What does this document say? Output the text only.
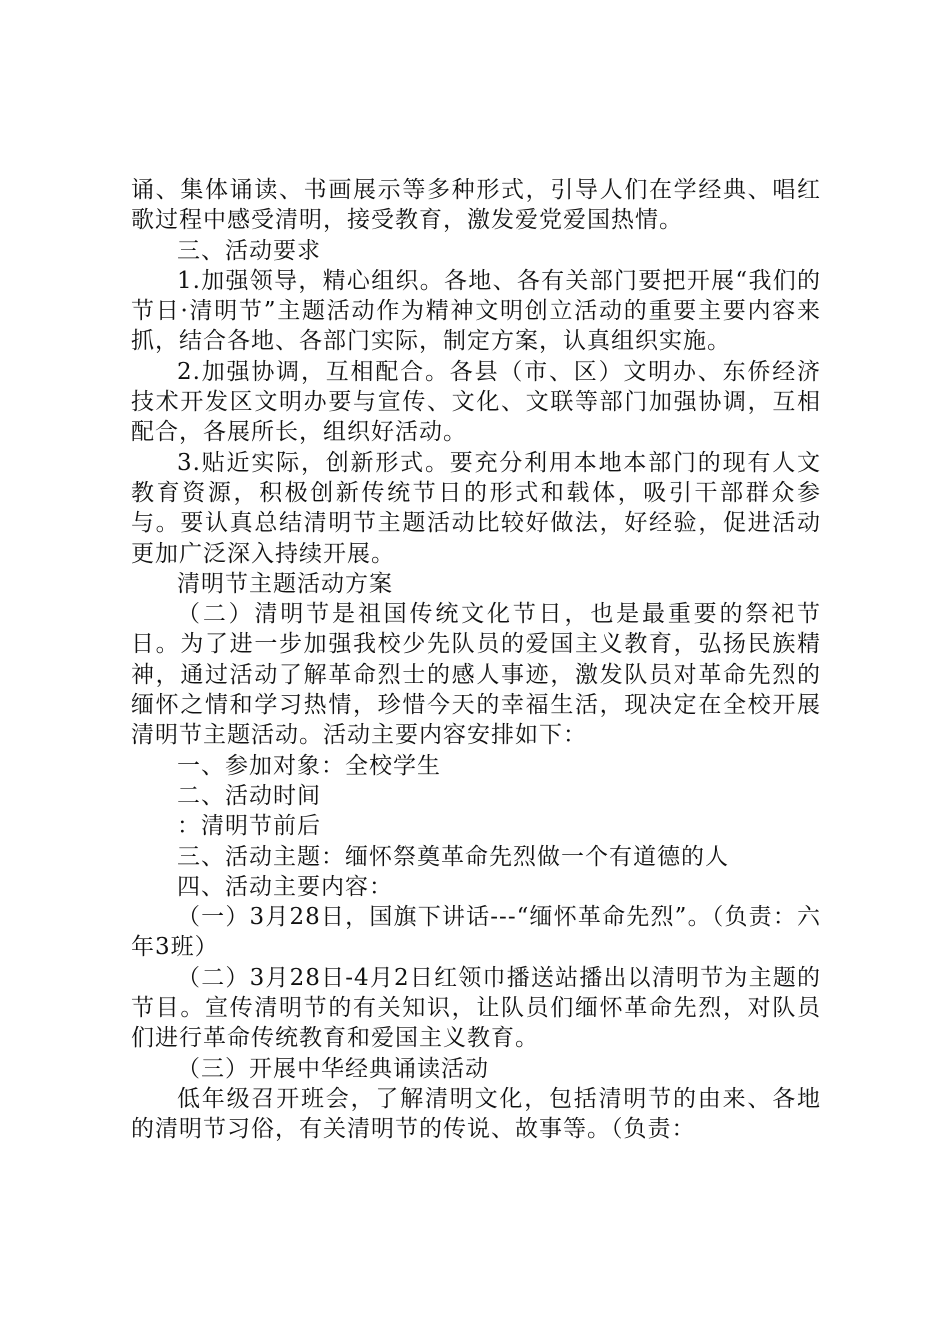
诵、集体诵读、书画展示等多种形式，引导人们在学经典、唱红歌过程中感受清明，接受教育，激发爱党爱国热情。

三、活动要求

1.加强领导，精心组织。各地、各有关部门要把开展“我们的节日·清明节”主题活动作为精神文明创立活动的重要主要内容来抓，结合各地、各部门实际，制定方案，认真组织实施。

2.加强协调，互相配合。各县（市、区）文明办、东侨经济技术开发区文明办要与宣传、文化、文联等部门加强协调，互相配合，各展所长，组织好活动。

3.贴近实际，创新形式。要充分利用本地本部门的现有人文教育资源，积极创新传统节日的形式和载体，吸引干部群众参与。要认真总结清明节主题活动比较好做法，好经验，促进活动更加广泛深入持续开展。

清明节主题活动方案

（二）清明节是祖国传统文化节日，也是最重要的祭祀节日。为了进一步加强我校少先队员的爱国主义教育，弘扬民族精神，通过活动了解革命烈士的感人事迹，激发队员对革命先烈的缅怀之情和学习热情，珍惜今天的幸福生活，现决定在全校开展清明节主题活动。活动主要内容安排如下：

一、参加对象：全校学生

二、活动时间

：清明节前后

三、活动主题：缅怀祭奠革命先烈做一个有道德的人

四、活动主要内容：

（一）3月28日，国旗下讲话---“缅怀革命先烈”。（负责：六年3班）

（二）3月28日-4月2日红领巾播送站播出以清明节为主题的节目。宣传清明节的有关知识，让队员们缅怀革命先烈，对队员们进行革命传统教育和爱国主义教育。

（三）开展中华经典诵读活动

低年级召开班会，了解清明文化，包括清明节的由来、各地的清明节习俗，有关清明节的传说、故事等。（负责：
